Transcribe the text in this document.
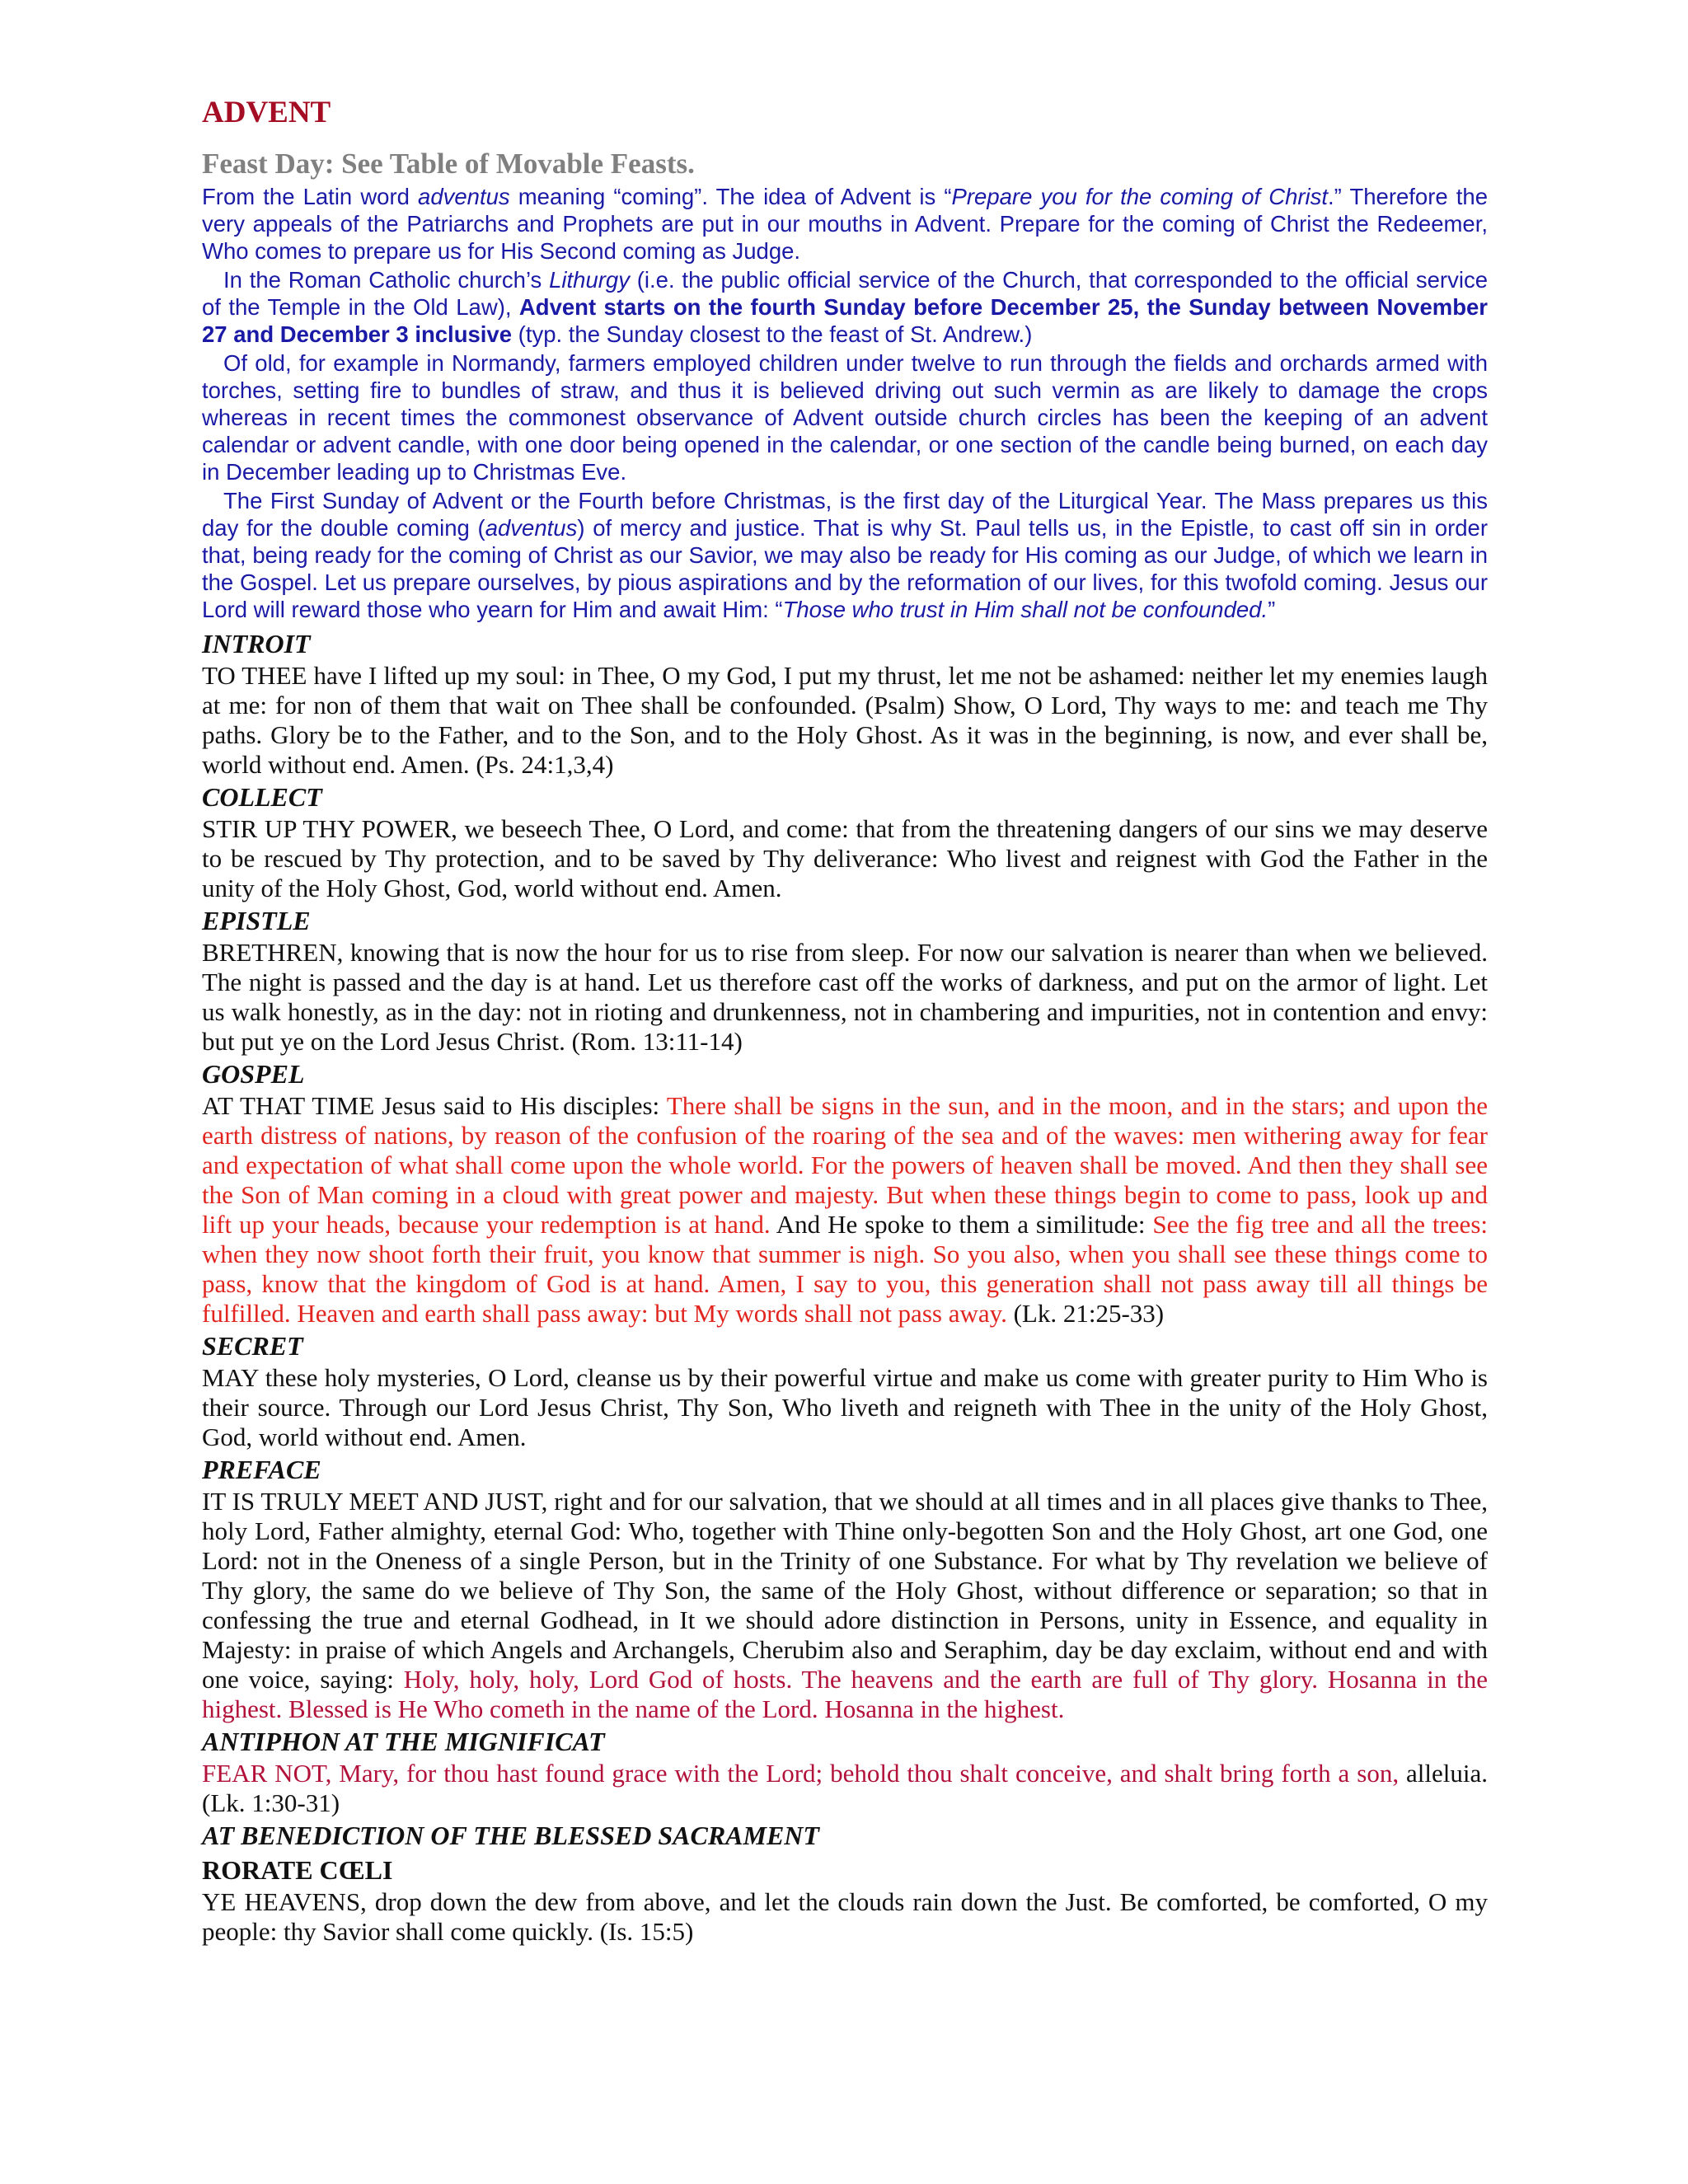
ADVENT
Feast Day: See Table of Movable Feasts.

From the Latin word adventus meaning “coming”. The idea of Advent is “Prepare you for the coming of Christ.” Therefore the very appeals of the Patriarchs and Prophets are put in our mouths in Advent. Prepare for the coming of Christ the Redeemer, Who comes to prepare us for His Second coming as Judge.

In the Roman Catholic church’s Lithurgy (i.e. the public official service of the Church, that corresponded to the official service of the Temple in the Old Law), Advent starts on the fourth Sunday before December 25, the Sunday between November 27 and December 3 inclusive (typ. the Sunday closest to the feast of St. Andrew.)

Of old, for example in Normandy, farmers employed children under twelve to run through the fields and orchards armed with torches, setting fire to bundles of straw, and thus it is believed driving out such vermin as are likely to damage the crops whereas in recent times the commonest observance of Advent outside church circles has been the keeping of an advent calendar or advent candle, with one door being opened in the calendar, or one section of the candle being burned, on each day in December leading up to Christmas Eve.

The First Sunday of Advent or the Fourth before Christmas, is the first day of the Liturgical Year. The Mass prepares us this day for the double coming (adventus) of mercy and justice. That is why St. Paul tells us, in the Epistle, to cast off sin in order that, being ready for the coming of Christ as our Savior, we may also be ready for His coming as our Judge, of which we learn in the Gospel. Let us prepare ourselves, by pious aspirations and by the reformation of our lives, for this twofold coming. Jesus our Lord will reward those who yearn for Him and await Him: “Those who trust in Him shall not be confounded.”

INTROIT

TO THEE have I lifted up my soul: in Thee, O my God, I put my thrust, let me not be ashamed: neither let my enemies laugh at me: for non of them that wait on Thee shall be confounded. (Psalm) Show, O Lord, Thy ways to me: and teach me Thy paths. Glory be to the Father, and to the Son, and to the Holy Ghost. As it was in the beginning, is now, and ever shall be, world without end. Amen. (Ps. 24:1,3,4)

COLLECT

STIR UP THY POWER, we beseech Thee, O Lord, and come: that from the threatening dangers of our sins we may deserve to be rescued by Thy protection, and to be saved by Thy deliverance: Who livest and reignest with God the Father in the unity of the Holy Ghost, God, world without end. Amen.

EPISTLE

BRETHREN, knowing that is now the hour for us to rise from sleep. For now our salvation is nearer than when we believed. The night is passed and the day is at hand. Let us therefore cast off the works of darkness, and put on the armor of light. Let us walk honestly, as in the day: not in rioting and drunkenness, not in chambering and impurities, not in contention and envy: but put ye on the Lord Jesus Christ. (Rom. 13:11-14)

GOSPEL

AT THAT TIME Jesus said to His disciples: There shall be signs in the sun, and in the moon, and in the stars; and upon the earth distress of nations, by reason of the confusion of the roaring of the sea and of the waves: men withering away for fear and expectation of what shall come upon the whole world. For the powers of heaven shall be moved. And then they shall see the Son of Man coming in a cloud with great power and majesty. But when these things begin to come to pass, look up and lift up your heads, because your redemption is at hand. And He spoke to them a similitude: See the fig tree and all the trees: when they now shoot forth their fruit, you know that summer is nigh. So you also, when you shall see these things come to pass, know that the kingdom of God is at hand. Amen, I say to you, this generation shall not pass away till all things be fulfilled. Heaven and earth shall pass away: but My words shall not pass away. (Lk. 21:25-33)

SECRET

MAY these holy mysteries, O Lord, cleanse us by their powerful virtue and make us come with greater purity to Him Who is their source. Through our Lord Jesus Christ, Thy Son, Who liveth and reigneth with Thee in the unity of the Holy Ghost, God, world without end. Amen.

PREFACE

IT IS TRULY MEET AND JUST, right and for our salvation, that we should at all times and in all places give thanks to Thee, holy Lord, Father almighty, eternal God: Who, together with Thine only-begotten Son and the Holy Ghost, art one God, one Lord: not in the Oneness of a single Person, but in the Trinity of one Substance. For what by Thy revelation we believe of Thy glory, the same do we believe of Thy Son, the same of the Holy Ghost, without difference or separation; so that in confessing the true and eternal Godhead, in It we should adore distinction in Persons, unity in Essence, and equality in Majesty: in praise of which Angels and Archangels, Cherubim also and Seraphim, day be day exclaim, without end and with one voice, saying: Holy, holy, holy, Lord God of hosts. The heavens and the earth are full of Thy glory. Hosanna in the highest. Blessed is He Who cometh in the name of the Lord. Hosanna in the highest.

ANTIPHON AT THE MIGNIFICAT

FEAR NOT, Mary, for thou hast found grace with the Lord; behold thou shalt conceive, and shalt bring forth a son, alleluia. (Lk. 1:30-31)

AT BENEDICTION OF THE BLESSED SACRAMENT
RORATE CŒLI

YE HEAVENS, drop down the dew from above, and let the clouds rain down the Just. Be comforted, be comforted, O my people: thy Savior shall come quickly. (Is. 15:5)
